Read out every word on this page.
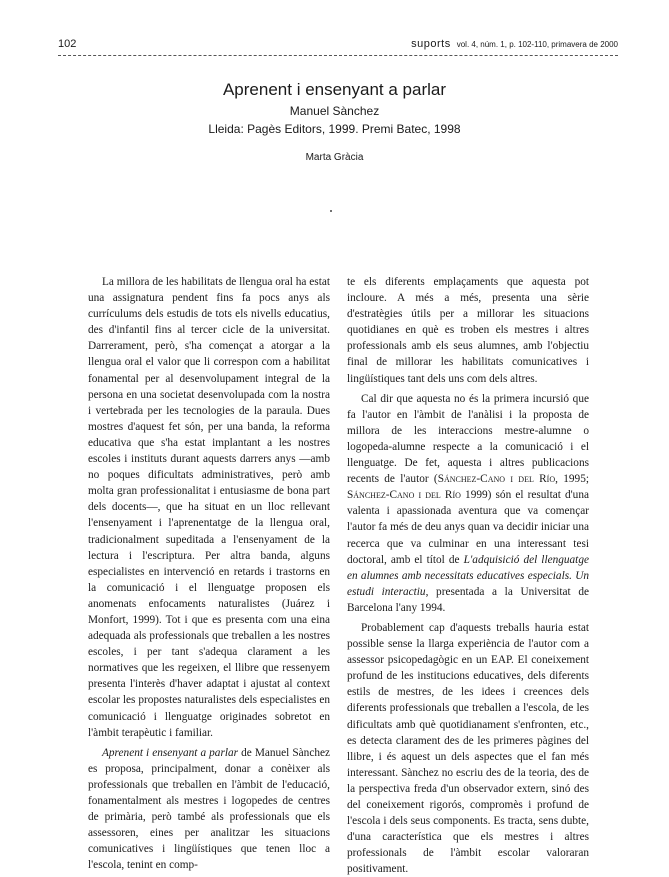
102	suports vol. 4, núm. 1, p. 102-110, primavera de 2000
Aprenent i ensenyant a parlar
Manuel Sànchez
Lleida: Pagès Editors, 1999. Premi Batec, 1998
Marta Gràcia

La millora de les habilitats de llengua oral ha estat una assignatura pendent fins fa pocs anys als currículums dels estudis de tots els nivells educatius, des d'infantil fins al tercer cicle de la universitat. Darrerament, però, s'ha començat a atorgar a la llengua oral el valor que li correspon com a habilitat fonamental per al desenvolupament integral de la persona en una societat desenvolupada com la nostra i vertebrada per les tecnologies de la paraula. Dues mostres d'aquest fet són, per una banda, la reforma educativa que s'ha estat implantant a les nostres escoles i instituts durant aquests darrers anys —amb no poques dificultats administratives, però amb molta gran professionalitat i entusiasme de bona part dels docents—, que ha situat en un lloc rellevant l'ensenyament i l'aprenentatge de la llengua oral, tradicionalment supeditada a l'ensenyament de la lectura i l'escriptura. Per altra banda, alguns especialistes en intervenció en retards i trastorns en la comunicació i el llenguatge proposen els anomenats enfocaments naturalistes (Juárez i Monfort, 1999). Tot i que es presenta com una eina adequada als professionals que treballen a les nostres escoles, i per tant s'adequa clarament a les normatives que les regeixen, el llibre que ressenyem presenta l'interès d'haver adaptat i ajustat al context escolar les propostes naturalistes dels especialistes en comunicació i llenguatge originades sobretot en l'àmbit terapèutic i familiar.

Aprenent i ensenyant a parlar de Manuel Sànchez es proposa, principalment, donar a conèixer als professionals que treballen en l'àmbit de l'educació, fonamentalment als mestres i logopedes de centres de primària, però també als professionals que els assessoren, eines per analitzar les situacions comunicatives i lingüístiques que tenen lloc a l'escola, tenint en comp-

te els diferents emplaçaments que aquesta pot incloure. A més a més, presenta una sèrie d'estratègies útils per a millorar les situacions quotidianes en què es troben els mestres i altres professionals amb els seus alumnes, amb l'objectiu final de millorar les habilitats comunicatives i lingüístiques tant dels uns com dels altres.

Cal dir que aquesta no és la primera incursió que fa l'autor en l'àmbit de l'anàlisi i la proposta de millora de les interaccions mestre-alumne o logopeda-alumne respecte a la comunicació i el llenguatge. De fet, aquesta i altres publicacions recents de l'autor (Sánchez-Cano i del Río, 1995; Sánchez-Cano i del Río 1999) són el resultat d'una valenta i apassionada aventura que va començar l'autor fa més de deu anys quan va decidir iniciar una recerca que va culminar en una interessant tesi doctoral, amb el títol de L'adquisició del llenguatge en alumnes amb necessitats educatives especials. Un estudi interactiu, presentada a la Universitat de Barcelona l'any 1994.

Probablement cap d'aquests treballs hauria estat possible sense la llarga experiència de l'autor com a assessor psicopedagògic en un EAP. El coneixement profund de les institucions educatives, dels diferents estils de mestres, de les idees i creences dels diferents professionals que treballen a l'escola, de les dificultats amb què quotidianament s'enfronten, etc., es detecta clarament des de les primeres pàgines del llibre, i és aquest un dels aspectes que el fan més interessant. Sànchez no escriu des de la teoria, des de la perspectiva freda d'un observador extern, sinó des del coneixement rigorós, compromès i profund de l'escola i dels seus components. Es tracta, sens dubte, d'una característica que els mestres i altres professionals de l'àmbit escolar valoraran positivament.
